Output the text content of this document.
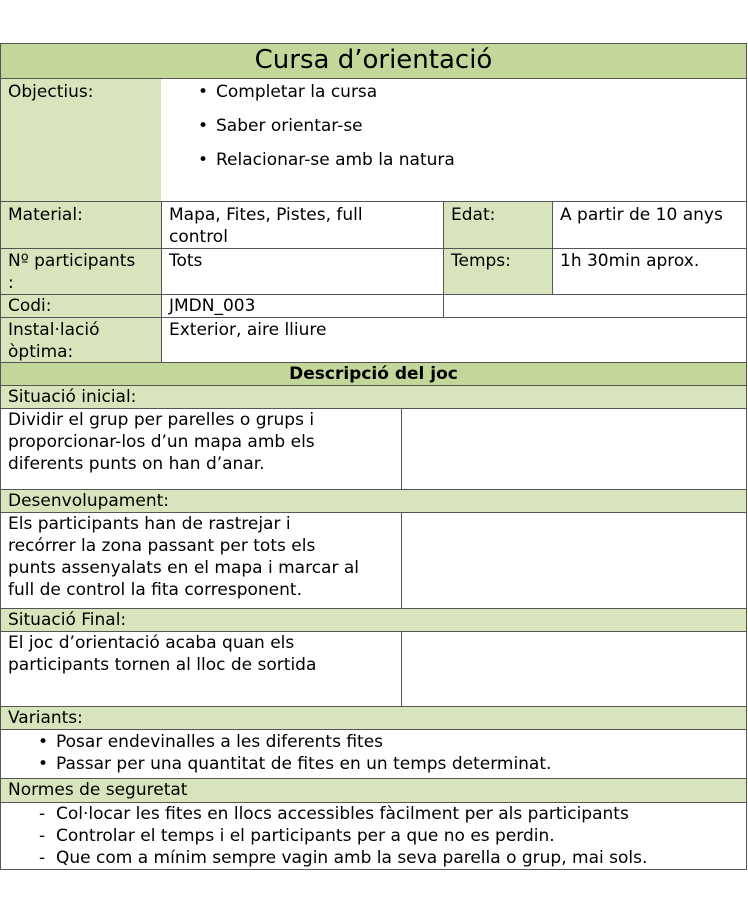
Cursa d’orientació
Objectius:
•	Completar la cursa
• Saber orientar-se
• Relacionar-se amb la natura
Material:	Mapa, Fites, Pistes, full
control
Edat:	A partir de 10 anys
Nº participants
:
Tots	Temps:	1h 30min aprox.
Codi:	JMDN_003
Instal·lació
òptima:
Exterior, aire lliure
Descripció del joc
Situació inicial:
Dividir el grup per parelles o grups i
proporcionar-los d’un mapa amb els
diferents punts on han d’anar.
Desenvolupament:
Els participants han de rastrejar i
recórrer la zona passant per tots els
punts assenyalats en el mapa i marcar al
full de control la fita corresponent.
Situació Final:
El joc d’orientació acaba quan els
participants tornen al lloc de sortida
Variants:
• Posar endevinalles a les diferents fites
• Passar per una quantitat de fites en un temps determinat.
Normes de seguretat
- Col·locar les fites en llocs accessibles fàcilment per als participants
- Controlar el temps i el participants per a que no es perdin.
- Que com a mínim sempre vagin amb la seva parella o grup, mai sols.
